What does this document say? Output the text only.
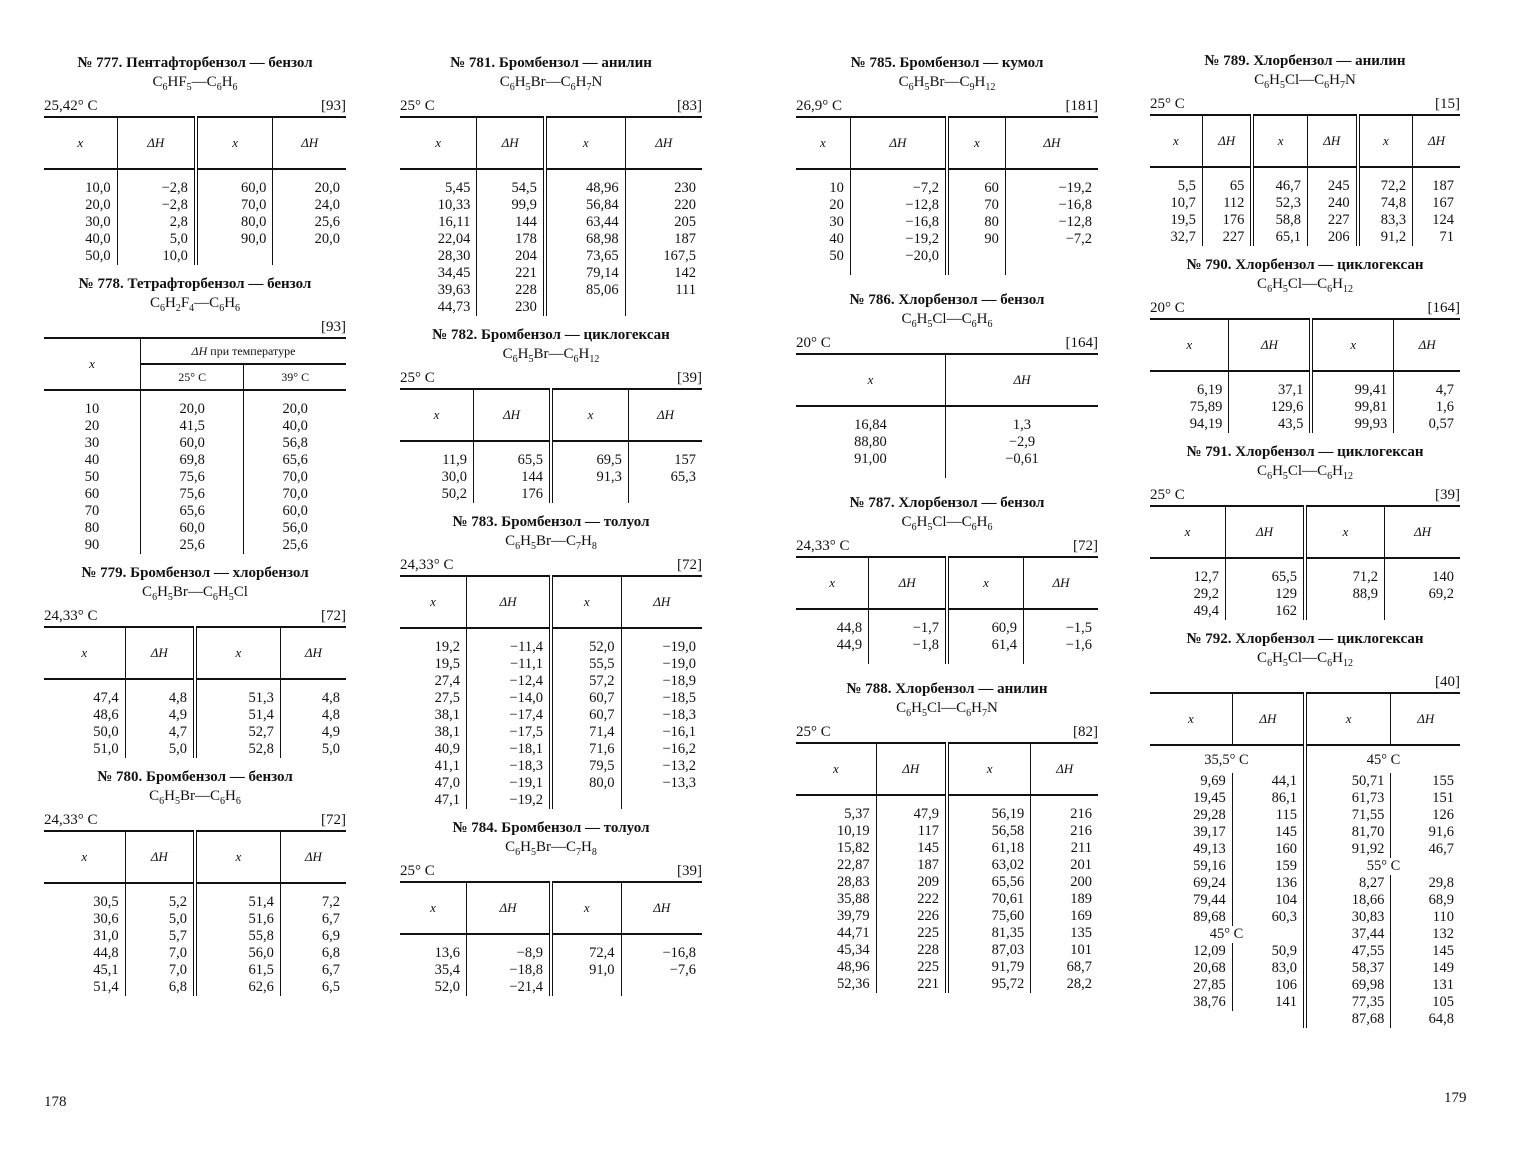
№ 777. Пентафторбензол — бензол
$C_6HF_5—C_6H_6$
25,42° C	[93]
x	ΔH	x	ΔH

10,0	−2,8	60,0	20,0
20,0	−2,8	70,0	24,0
30,0	2,8	80,0	25,6
40,0	5,0	90,0	20,0
50,0	10,0		
№ 778. Тетрафторбензол — бензол
$C_6H_2F_4—C_6H_6$
[93]
x	ΔH при температуре	
	25° C	39° C

10	20,0	20,0
20	41,5	40,0
30	60,0	56,8
40	69,8	65,6
50	75,6	70,0
60	75,6	70,0
70	65,6	60,0
80	60,0	56,0
90	25,6	25,6
№ 779. Бромбензол — хлорбензол
$C_6H_5Br—C_6H_5Cl$
24,33° C	[72]
x	ΔH	x	ΔH

47,4	4,8	51,3	4,8
48,6	4,9	51,4	4,8
50,0	4,7	52,7	4,9
51,0	5,0	52,8	5,0
№ 780. Бромбензол — бензол
$C_6H_5Br—C_6H_6$
24,33° C	[72]
x	ΔH	x	ΔH

30,5	5,2	51,4	7,2
30,6	5,0	51,6	6,7
31,0	5,7	55,8	6,9
44,8	7,0	56,0	6,8
45,1	7,0	61,5	6,7
51,4	6,8	62,6	6,5
№ 781. Бромбензол — анилин
$C_6H_5Br—C_6H_7N$
25° C	[83]
x	ΔH	x	ΔH

5,45	54,5	48,96	230
10,33	99,9	56,84	220
16,11	144	63,44	205
22,04	178	68,98	187
28,30	204	73,65	167,5
34,45	221	79,14	142
39,63	228	85,06	111
44,73	230		
№ 782. Бромбензол — циклогексан
$C_6H_5Br—C_6H_{12}$
25° C	[39]
x	ΔH	x	ΔH

11,9	65,5	69,5	157
30,0	144	91,3	65,3
50,2	176		
№ 783. Бромбензол — толуол
$C_6H_5Br—C_7H_8$
24,33° C	[72]
x	ΔH	x	ΔH

19,2	−11,4	52,0	−19,0
19,5	−11,1	55,5	−19,0
27,4	−12,4	57,2	−18,9
27,5	−14,0	60,7	−18,5
38,1	−17,4	60,7	−18,3
38,1	−17,5	71,4	−16,1
40,9	−18,1	71,6	−16,2
41,1	−18,3	79,5	−13,2
47,0	−19,1	80,0	−13,3
47,1	−19,2		
№ 784. Бромбензол — толуол
$C_6H_5Br—C_7H_8$
25° C	[39]
x	ΔH	x	ΔH

13,6	−8,9	72,4	−16,8
35,4	−18,8	91,0	−7,6
52,0	−21,4		
№ 785. Бромбензол — кумол
$C_6H_5Br—C_9H_{12}$
26,9° C	[181]
x	ΔH	x	ΔH

10	−7,2	60	−19,2
20	−12,8	70	−16,8
30	−16,8	80	−12,8
40	−19,2	90	−7,2
50	−20,0		

№ 786. Хлорбензол — бензол
$C_6H_5Cl—C_6H_6$
20° C	[164]
x	ΔH

16,84	1,3
88,80	−2,9
91,00	−0,61

№ 787. Хлорбензол — бензол
$C_6H_5Cl—C_6H_6$
24,33° C	[72]
x	ΔH	x	ΔH

44,8	−1,7	60,9	−1,5
44,9	−1,8	61,4	−1,6

№ 788. Хлорбензол — анилин
$C_6H_5Cl—C_6H_7N$
25° C	[82]
x	ΔH	x	ΔH

5,37	47,9	56,19	216
10,19	117	56,58	216
15,82	145	61,18	211
22,87	187	63,02	201
28,83	209	65,56	200
35,88	222	70,61	189
39,79	226	75,60	169
44,71	225	81,35	135
45,34	228	87,03	101
48,96	225	91,79	68,7
52,36	221	95,72	28,2
№ 789. Хлорбензол — анилин
$C_6H_5Cl—C_6H_7N$
25° C	[15]
x	ΔH	x	ΔH	x	ΔH

5,5	65	46,7	245	72,2	187
10,7	112	52,3	240	74,8	167
19,5	176	58,8	227	83,3	124
32,7	227	65,1	206	91,2	71
№ 790. Хлорбензол — циклогексан
$C_6H_5Cl—C_6H_{12}$
20° C	[164]
x	ΔH	x	ΔH

6,19	37,1	99,41	4,7
75,89	129,6	99,81	1,6
94,19	43,5	99,93	0,57
№ 791. Хлорбензол — циклогексан
$C_6H_5Cl—C_6H_{12}$
25° C	[39]
x	ΔH	x	ΔH

12,7	65,5	71,2	140
29,2	129	88,9	69,2
49,4	162		
№ 792. Хлорбензол — циклогексан
$C_6H_5Cl—C_6H_{12}$
[40]
x	ΔH	x	ΔH
35,5° C		45° C	
9,69	44,1	50,71	155
19,45	86,1	61,73	151
29,28	115	71,55	126
39,17	145	81,70	91,6
49,13	160	91,92	46,7
59,16	159	55° C	
69,24	136	8,27	29,8
79,44	104	18,66	68,9
89,68	60,3	30,83	110
45° C		37,44	132
12,09	50,9	47,55	145
20,68	83,0	58,37	149
27,85	106	69,98	131
38,76	141	77,35	105
		87,68	64,8
178	179
